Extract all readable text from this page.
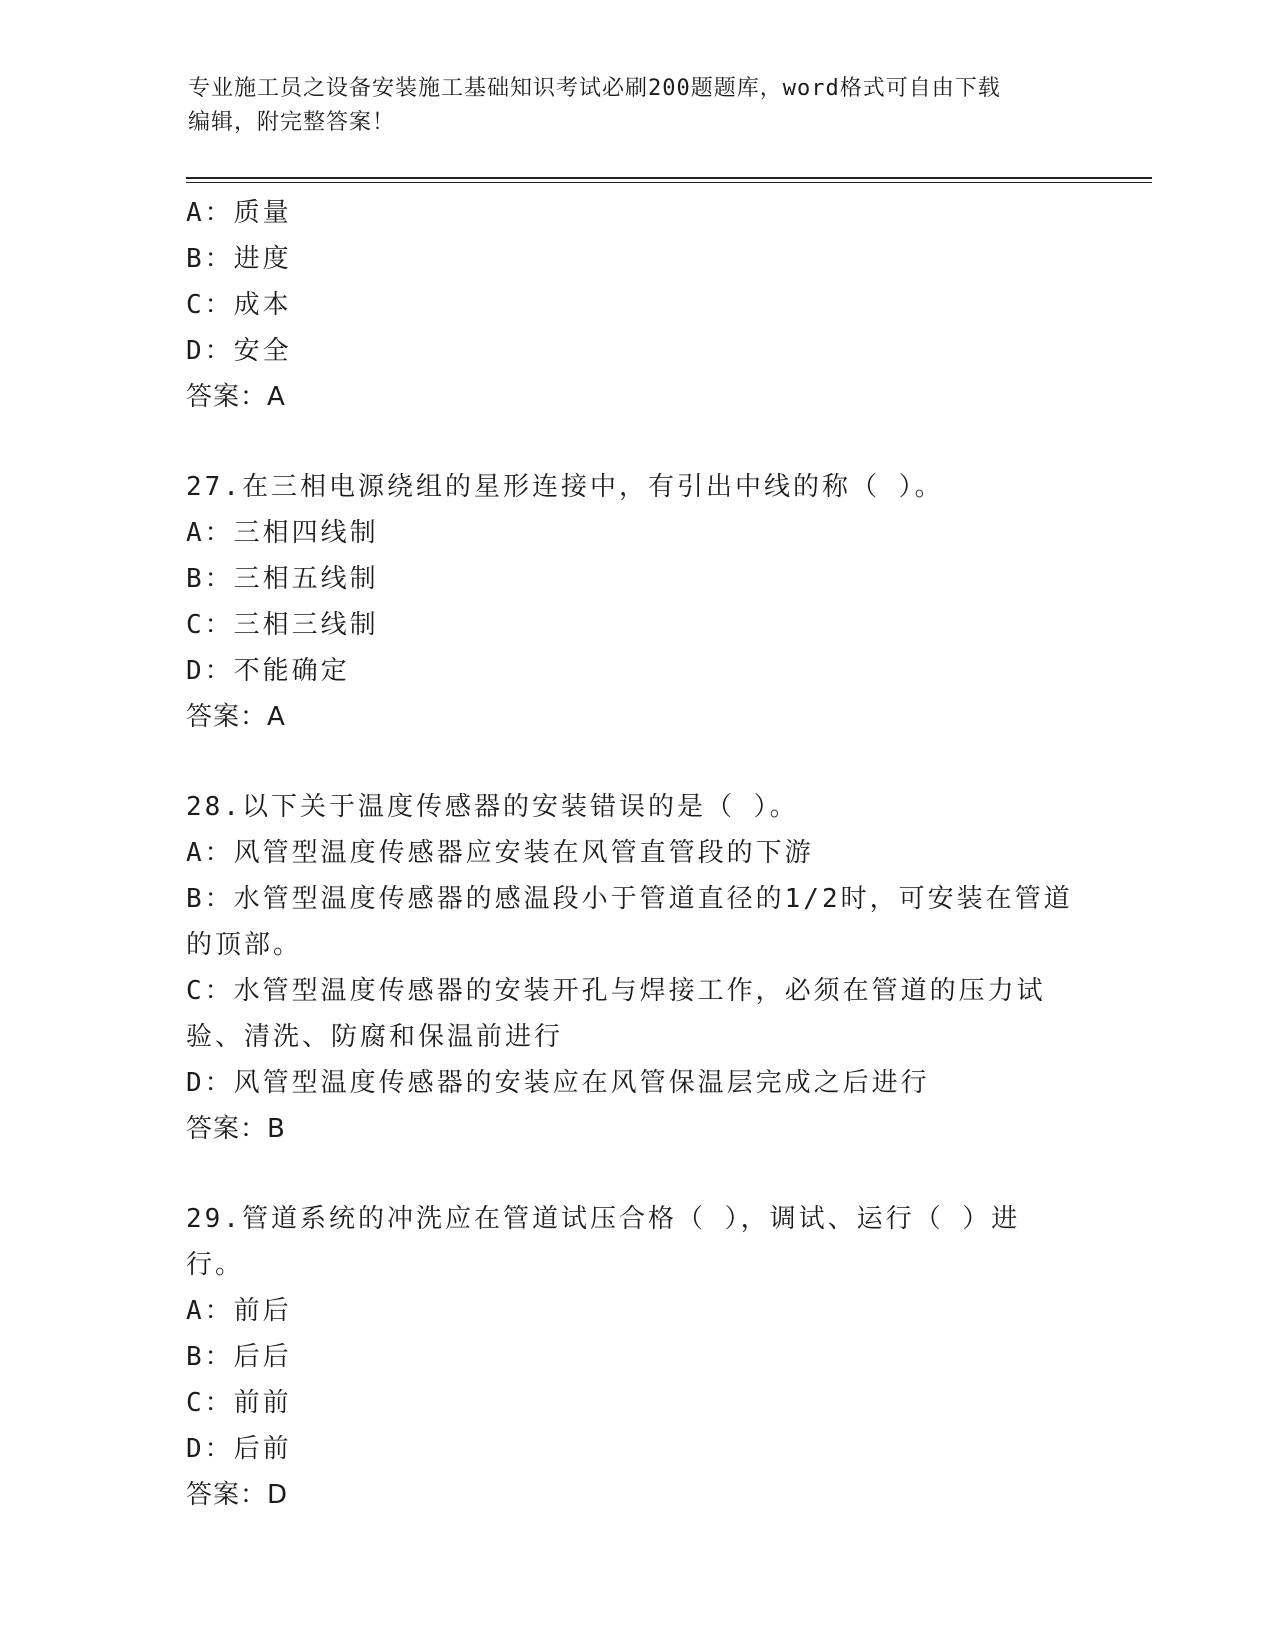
专业施工员之设备安装施工基础知识考试必刷200题题库，word格式可自由下载
编辑，附完整答案！

A：质量

B：进度

C：成本

D：安全

答案：A

27.在三相电源绕组的星形连接中，有引出中线的称（ ）。

A：三相四线制

B：三相五线制

C：三相三线制

D：不能确定

答案：A

28.以下关于温度传感器的安装错误的是（ ）。

A：风管型温度传感器应安装在风管直管段的下游

B：水管型温度传感器的感温段小于管道直径的1/2时，可安装在管道的顶部。

C：水管型温度传感器的安装开孔与焊接工作，必须在管道的压力试验、清洗、防腐和保温前进行

D：风管型温度传感器的安装应在风管保温层完成之后进行

答案：B

29.管道系统的冲洗应在管道试压合格（ ），调试、运行（ ）进行。

A：前后

B：后后

C：前前

D：后前

答案：D
